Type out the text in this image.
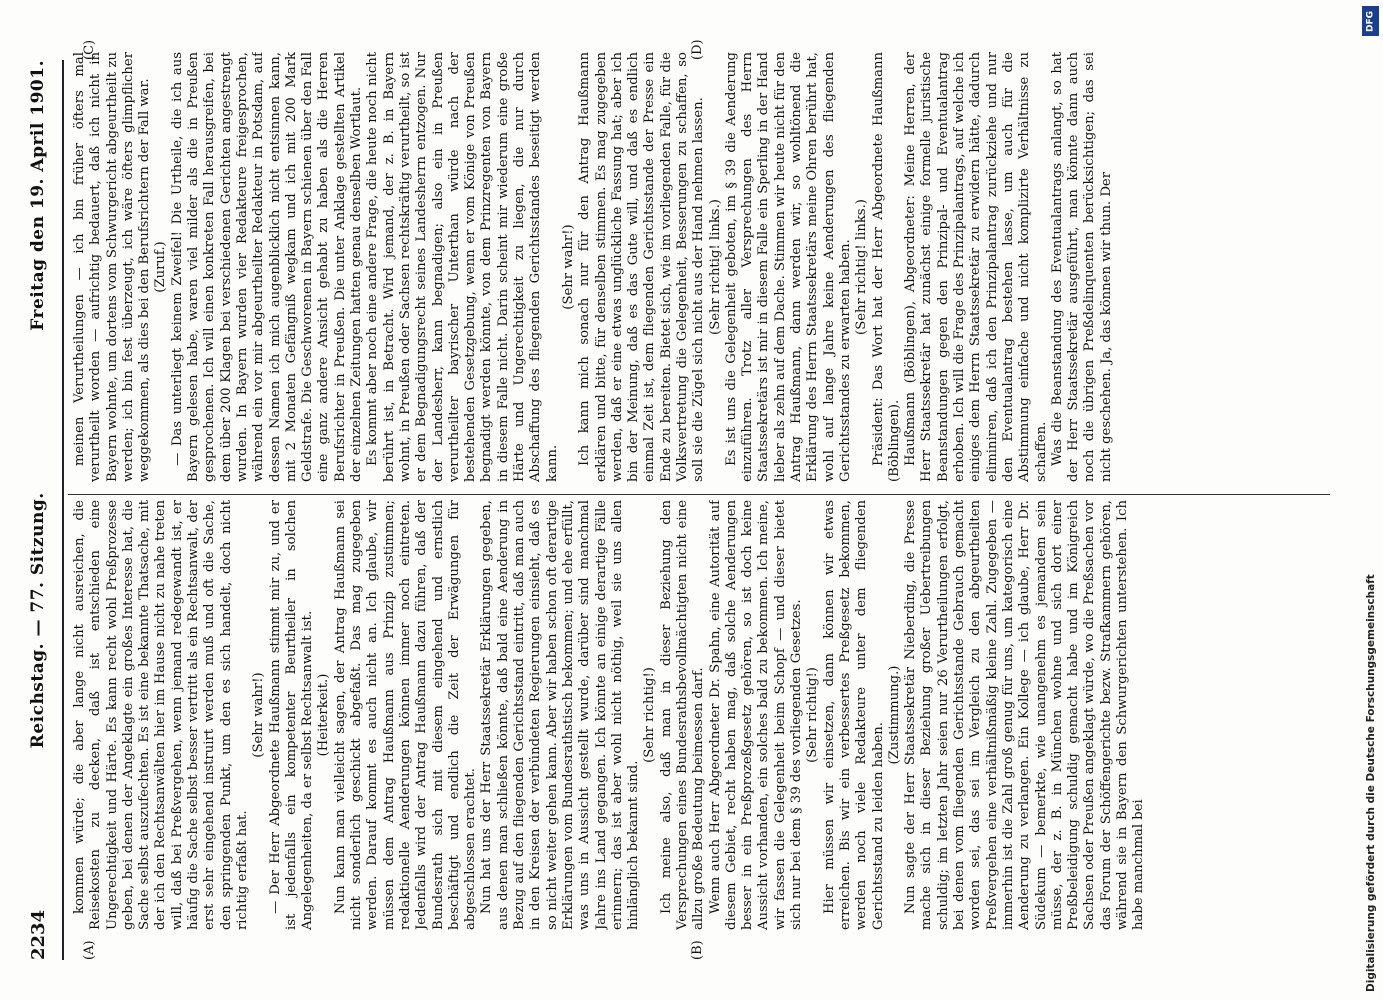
2234
Reichstag. — 77. Sitzung.
Freitag den 19. April 1901.
(A)	(B)
(C)	(D)

kommen würde; die aber lange nicht ausreichen, die Reisekosten zu decken, daß ist entschieden eine Ungerechtigkeit und Härte. Es kann recht wohl Preßprozesse geben, bei denen der Angeklagte ein großes Interesse hat, die Sache selbst auszufechten. Es ist eine bekannte Thatsache, mit der ich den Rechtsanwälten hier im Hause nicht zu nahe treten will, daß bei Preßvergehen, wenn jemand redegewandt ist, er häufig die Sache selbst besser vertritt als ein Rechtsanwalt, der erst sehr eingehend instruirt werden muß und oft die Sache, den springenden Punkt, um den es sich handelt, doch nicht richtig erfaßt hat.

(Sehr wahr!) — Der Herr Abgeordnete Haußmann stimmt mir zu, und er ist jedenfalls ein kompetenter Beurtheiler in solchen Angelegenheiten, da er selbst Rechtsanwalt ist. (Heiterkeit.) Nun kann man vielleicht sagen, der Antrag Haußmann sei nicht sonderlich geschickt abgefaßt. Das mag zugegeben werden. Darauf kommt es auch nicht an. Ich glaube, wir müssen dem Antrag Haußmann aus Prinzip zustimmen; redaktionelle Aenderungen können immer noch eintreten. Jedenfalls wird der Antrag Haußmann dazu führen, daß der Bundesrath sich mit diesem eingehend und ernstlich beschäftigt und endlich die Zeit der Erwägungen für abgeschlossen erachtet. Nun hat uns der Herr Staatssekretär Erklärungen gegeben, aus denen man schließen könnte, daß bald eine Aenderung in Bezug auf den fliegenden Gerichtsstand eintritt, daß man auch in den Kreisen der verbündeten Regierungen einsieht, daß es so nicht weiter gehen kann. Aber wir haben schon oft derartige Erklärungen vom Bundesrathstisch bekommen; und ehe erfüllt, was uns in Aussicht gestellt wurde, darüber sind manchmal Jahre ins Land gegangen. Ich könnte an einige derartige Fälle erinnern; das ist aber wohl nicht nöthig, weil sie uns allen hinlänglich bekannt sind.

(Sehr richtig!) Ich meine also, daß man in dieser Beziehung den Versprechungen eines Bundesrathsbevollmächtigten nicht eine allzu große Bedeutung beimessen darf. Wenn auch Herr Abgeordneter Dr. Spahn, eine Autorität auf diesem Gebiet, recht haben mag, daß solche Aenderungen besser in ein Preßprozeßgesetz gehören, so ist doch keine Aussicht vorhanden, ein solches bald zu bekommen. Ich meine, wir fassen die Gelegenheit beim Schopf — und dieser bietet sich nur bei dem § 39 des vorliegenden Gesetzes. (Sehr richtig!) Hier müssen wir einsetzen, dann können wir etwas erreichen. Bis wir ein verbessertes Preßgesetz bekommen, werden noch viele Redakteure unter dem fliegenden Gerichtsstand zu leiden haben.

(Zustimmung.) Nun sagte der Herr Staatssekretär Nieberding, die Presse mache sich in dieser Beziehung großer Uebertreibungen schuldig; im letzten Jahr seien nur 26 Verurtheilungen erfolgt, bei denen vom fliegenden Gerichtsstande Gebrauch gemacht worden sei, das sei im Vergleich zu den abgeurtheilten Preßvergehen eine verhältnißmäßig kleine Zahl. Zugegeben — immerhin ist die Zahl groß genug für uns, um kategorisch eine Aenderung zu verlangen. Ein Kollege — ich glaube, Herr Dr. Südekum — bemerkte, wie unangenehm es jemandem sein müsse, der z. B. in München wohne und sich dort einer Preßbeleidigung schuldig gemacht habe und im Königreich Sachsen oder Preußen angeklagt würde, wo die Preßsachen vor das Forum der Schöffengerichte bezw. Strafkammern gehören, während sie in Bayern den Schwurgerichten unterstehen. Ich habe manchmal bei

meinen Verurtheilungen — ich bin früher öfters mal verurtheilt worden — aufrichtig bedauert, daß ich nicht in Bayern wohnte, um dortens vom Schwurgericht abgeurtheilt zu werden; ich bin fest überzeugt, ich wäre öfters glimpflicher weggekommen, als dies bei den Berufsrichtern der Fall war. (Zuruf.) — Das unterliegt keinem Zweifel! Die Urtheile, die ich aus Bayern gelesen habe, waren viel milder als die in Preußen gesprochenen. Ich will einen konkreten Fall herausgreifen, bei dem über 200 Klagen bei verschiedenen Gerichten angestrengt wurden. In Bayern wurden vier Redakteure freigesprochen, während ein vor mir abgeurtheilter Redakteur in Potsdam, auf dessen Namen ich mich augenblicklich nicht entsinnen kann, mit 2 Monaten Gefängniß wegkam und ich mit 200 Mark Geldstrafe. Die Geschworenen in Bayern schienen über den Fall eine ganz andere Ansicht gehabt zu haben als die Herren Berufsrichter in Preußen. Die unter Anklage gestellten Artikel der einzelnen Zeitungen hatten genau denselben Wortlaut. Es kommt aber noch eine andere Frage, die heute noch nicht berührt ist, in Betracht. Wird jemand, der z. B. in Bayern wohnt, in Preußen oder Sachsen rechtskräftig verurtheilt, so ist er dem Begnadigungsrecht seines Landesherrn entzogen. Nur der Landesherr, kann begnadigen; also ein in Preußen verurtheilter bayrischer Unterthan würde nach der bestehenden Gesetzgebung, wenn er vom Könige von Preußen begnadigt werden könnte, von dem Prinzregenten von Bayern in diesem Falle nicht. Darin scheint mir wiederum eine große Härte und Ungerechtigkeit zu liegen, die nur durch Abschaffung des fliegenden Gerichtsstandes beseitigt werden kann.

(Sehr wahr!) Ich kann mich sonach nur für den Antrag Haußmann erklären und bitte, für denselben stimmen. Es mag zugegeben werden, daß er eine etwas unglückliche Fassung hat; aber ich bin der Meinung, daß es das Gute will, und daß es endlich einmal Zeit ist, dem fliegenden Gerichtsstande der Presse ein Ende zu bereiten. Bietet sich, wie im vorliegenden Falle, für die Volksvertretung die Gelegenheit, Besserungen zu schaffen, so soll sie die Zügel sich nicht aus der Hand nehmen lassen. (Sehr richtig! links.) Es ist uns die Gelegenheit geboten, im § 39 die Aenderung einzuführen. Trotz aller Versprechungen des Herrn Staatssekretärs ist mir in diesem Falle ein Sperling in der Hand lieber als zehn auf dem Dache. Stimmen wir heute nicht für den Antrag Haußmann, dann werden wir, so wohltönend die Erklärung des Herrn Staatssekretärs meine Ohren berührt hat, wohl auf lange Jahre keine Aenderungen des fliegenden Gerichtsstandes zu erwarten haben. (Sehr richtig! links.) Präsident: Das Wort hat der Herr Abgeordnete Haußmann (Böblingen). Haußmann (Böblingen), Abgeordneter: Meine Herren, der Herr Staatssekretär hat zunächst einige formelle juristische Beanstandungen gegen den Prinzipal- und Eventualantrag erhoben. Ich will die Frage des Prinzipalantrags, auf welche ich einiges dem Herrn Staatssekretär zu erwidern hätte, dadurch eliminiren, daß ich den Prinzipalantrag zurückziehe und nur den Eventualantrag bestehen lasse, um auch für die Abstimmung einfache und nicht komplizirte Verhältnisse zu schaffen. Was die Beanstandung des Eventualantrags anlangt, so hat der Herr Staatssekretär ausgeführt, man könnte dann auch noch die übrigen Preßdelinquenten berücksichtigen; das sei nicht geschehen. Ja, das können wir thun. Der

Digitalisierung gefördert durch die Deutsche Forschungsgemeinschaft
DFG
